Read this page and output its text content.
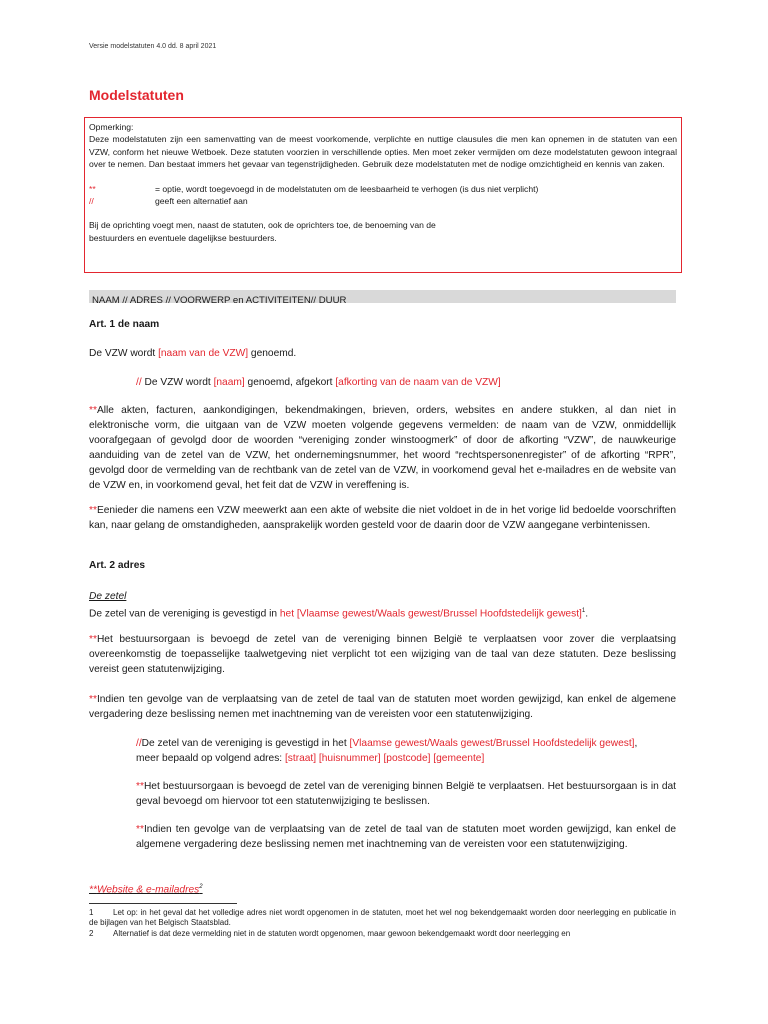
Versie modelstatuten 4.0 dd. 8 april 2021
Modelstatuten

Opmerking:

Deze modelstatuten zijn een samenvatting van de meest voorkomende, verplichte en nuttige clausules die men kan opnemen in de statuten van een VZW, conform het nieuwe Wetboek. Deze statuten voorzien in verschillende opties. Men moet zeker vermijden om deze modelstatuten gewoon integraal over te nemen. Dan bestaat immers het gevaar van tegenstrijdigheden. Gebruik deze modelstatuten met de nodige omzichtigheid en kennis van zaken.

**	= optie, wordt toegevoegd in de modelstatuten om de leesbaarheid te verhogen (is dus niet verplicht)

//	geeft een alternatief aan

Bij de oprichting voegt men, naast de statuten, ook de oprichters toe, de benoeming van de

bestuurders en eventuele dagelijkse bestuurders.

NAAM // ADRES // VOORWERP en ACTIVITEITEN// DUUR
Art. 1 de naam
De VZW wordt [naam van de VZW] genoemd.
// De VZW wordt [naam] genoemd, afgekort [afkorting van de naam van de VZW]
**Alle akten, facturen, aankondigingen, bekendmakingen, brieven, orders, websites en andere stukken, al dan niet in elektronische vorm, die uitgaan van de VZW moeten volgende gegevens vermelden: de naam van de VZW, onmiddellijk voorafgegaan of gevolgd door de woorden “vereniging zonder winstoogmerk” of door de afkorting “VZW”, de nauwkeurige aanduiding van de zetel van de VZW, het ondernemingsnummer, het woord “rechtspersonenregister” of de afkorting “RPR”, gevolgd door de vermelding van de rechtbank van de zetel van de VZW, in voorkomend geval het e-mailadres en de website van de VZW en, in voorkomend geval, het feit dat de VZW in vereffening is.
**Eenieder die namens een VZW meewerkt aan een akte of website die niet voldoet in de in het vorige lid bedoelde voorschriften kan, naar gelang de omstandigheden, aansprakelijk worden gesteld voor de daarin door de VZW aangegane verbintenissen.
Art. 2 adres
De zetel
De zetel van de vereniging is gevestigd in het [Vlaamse gewest/Waals gewest/Brussel Hoofdstedelijk gewest]$^1$.
**Het bestuursorgaan is bevoegd de zetel van de vereniging binnen België te verplaatsen voor zover die verplaatsing overeenkomstig de toepasselijke taalwetgeving niet verplicht tot een wijziging van de taal van deze statuten. Deze beslissing vereist geen statutenwijziging.
**Indien ten gevolge van de verplaatsing van de zetel de taal van de statuten moet worden gewijzigd, kan enkel de algemene vergadering deze beslissing nemen met inachtneming van de vereisten voor een statutenwijziging.
//De zetel van de vereniging is gevestigd in het [Vlaamse gewest/Waals gewest/Brussel Hoofdstedelijk gewest],
meer bepaald op volgend adres: [straat] [huisnummer] [postcode] [gemeente]
**Het bestuursorgaan is bevoegd de zetel van de vereniging binnen België te verplaatsen. Het bestuursorgaan is in dat geval bevoegd om hiervoor tot een statutenwijziging te beslissen.
**Indien ten gevolge van de verplaatsing van de zetel de taal van de statuten moet worden gewijzigd, kan enkel de algemene vergadering deze beslissing nemen met inachtneming van de vereisten voor een statutenwijziging.
**Website & e-mailadres$^2$
1 Let op: in het geval dat het volledige adres niet wordt opgenomen in de statuten, moet het wel nog bekendgemaakt worden door neerlegging en publicatie in de bijlagen van het Belgisch Staatsblad.
2 Alternatief is dat deze vermelding niet in de statuten wordt opgenomen, maar gewoon bekendgemaakt wordt door neerlegging en
